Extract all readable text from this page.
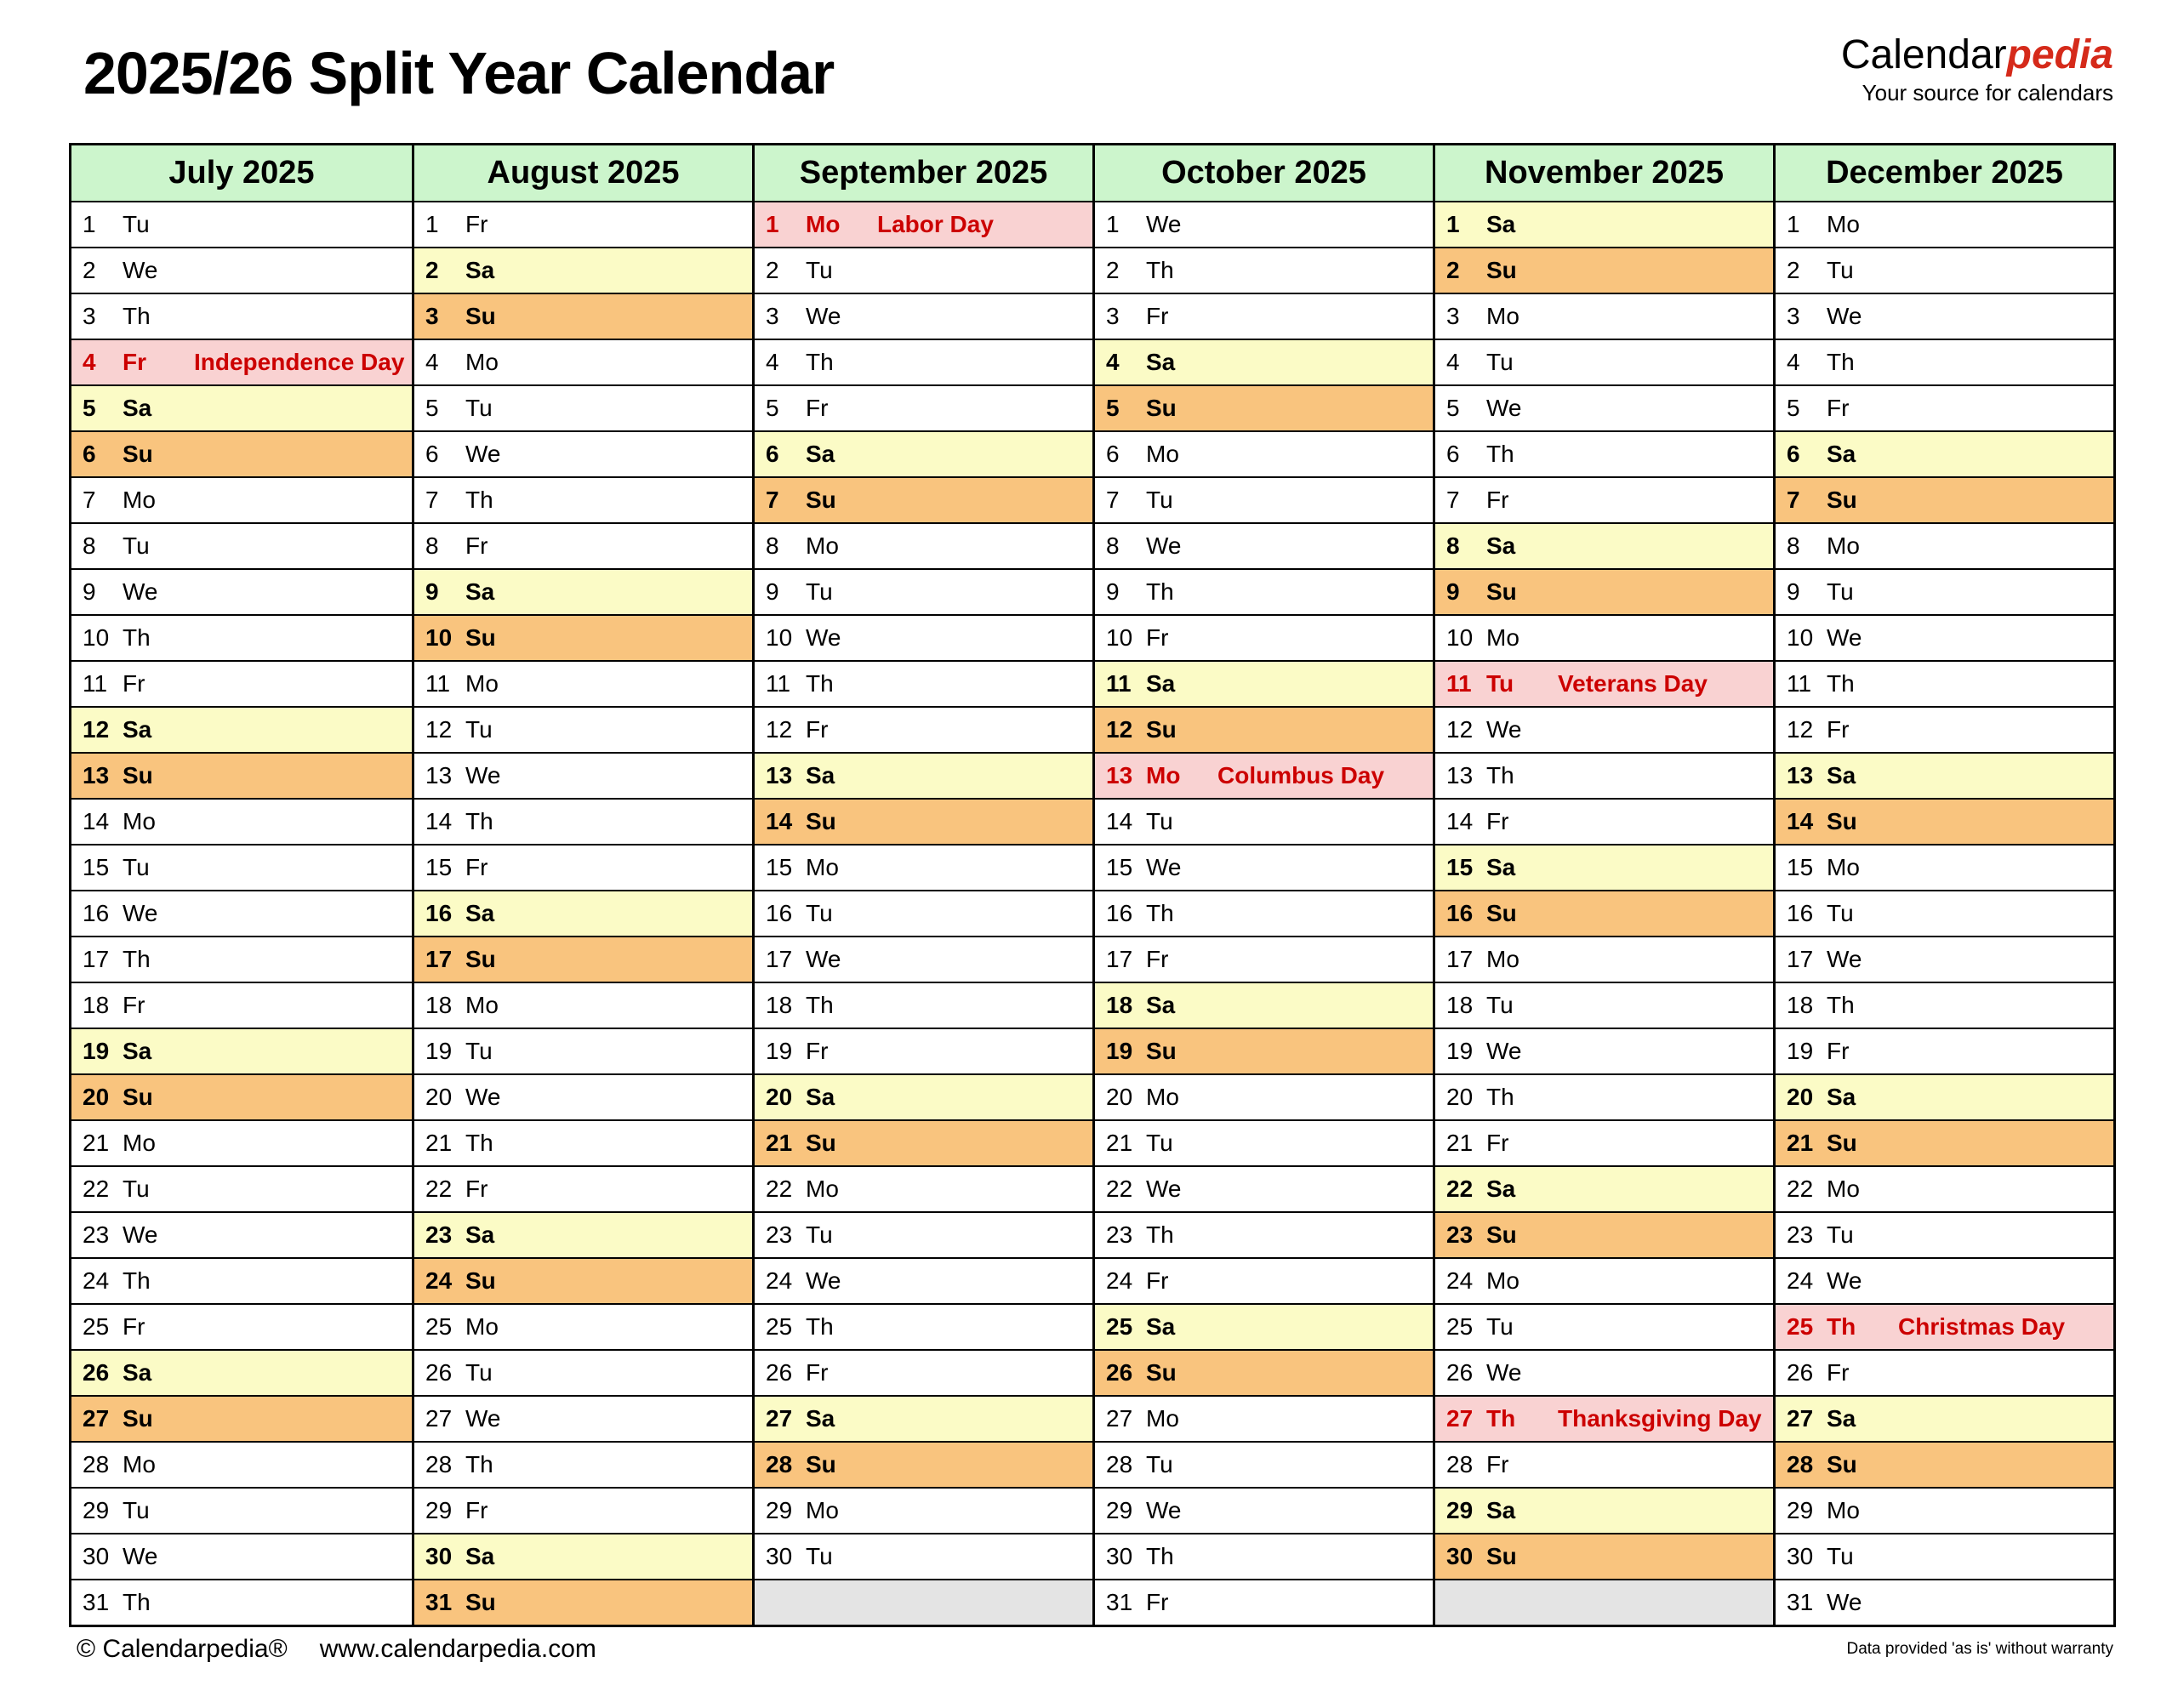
2025/26 Split Year Calendar	Calendarpedia
Your source for calendars
July 2025
1	Tu
2	We
3	Th
4	Fr	Independence Day
5	Sa
6	Su
7	Mo
8	Tu
9	We
10 Th
11 Fr
12 Sa
13 Su
14 Mo
15 Tu
16 We
17 Th
18 Fr
19 Sa
20 Su
21 Mo
22 Tu
23 We
24 Th
25 Fr
26 Sa
27 Su
28 Mo
29 Tu
30 We
31 Th
August 2025
1	Fr
2	Sa
3	Su
4	Mo
5	Tu
6	We
7	Th
8	Fr
9	Sa
10 Su
11 Mo
12 Tu
13 We
14 Th
15 Fr
16 Sa
17 Su
18 Mo
19 Tu
20 We
21 Th
22 Fr
23 Sa
24 Su
25 Mo
26 Tu
27 We
28 Th
29 Fr
30 Sa
31 Su
September 2025
1	Mo	Labor Day
2	Tu
3	We
4	Th
5	Fr
6	Sa
7	Su
8	Mo
9	Tu
10 We
11 Th
12 Fr
13 Sa
14 Su
15 Mo
16 Tu
17 We
18 Th
19 Fr
20 Sa
21 Su
22 Mo
23 Tu
24 We
25 Th
26 Fr
27 Sa
28 Su
29 Mo
30 Tu
October 2025
1	We
2	Th
3	Fr
4	Sa
5	Su
6	Mo
7	Tu
8	We
9	Th
10 Fr
11 Sa
12 Su
13 Mo	Columbus Day
14 Tu
15 We
16 Th
17 Fr
18 Sa
19 Su
20 Mo
21 Tu
22 We
23 Th
24 Fr
25 Sa
26 Su
27 Mo
28 Tu
29 We
30 Th
31 Fr
November 2025
1	Sa
2	Su
3	Mo
4	Tu
5	We
6	Th
7	Fr
8	Sa
9	Su
10 Mo
11 Tu	Veterans Day
12 We
13 Th
14 Fr
15 Sa
16 Su
17 Mo
18 Tu
19 We
20 Th
21 Fr
22 Sa
23 Su
24 Mo
25 Tu
26 We
27 Th	Thanksgiving Day
28 Fr
29 Sa
30 Su
December 2025
1	Mo
2	Tu
3	We
4	Th
5	Fr
6	Sa
7	Su
8	Mo
9	Tu
10 We
11 Th
12 Fr
13 Sa
14 Su
15 Mo
16 Tu
17 We
18 Th
19 Fr
20 Sa
21 Su
22 Mo
23 Tu
24 We
25 Th	Christmas Day
26 Fr
27 Sa
28 Su
29 Mo
30 Tu
31 We
© Calendarpedia® www.calendarpedia.com	Data provided 'as is' without warranty
